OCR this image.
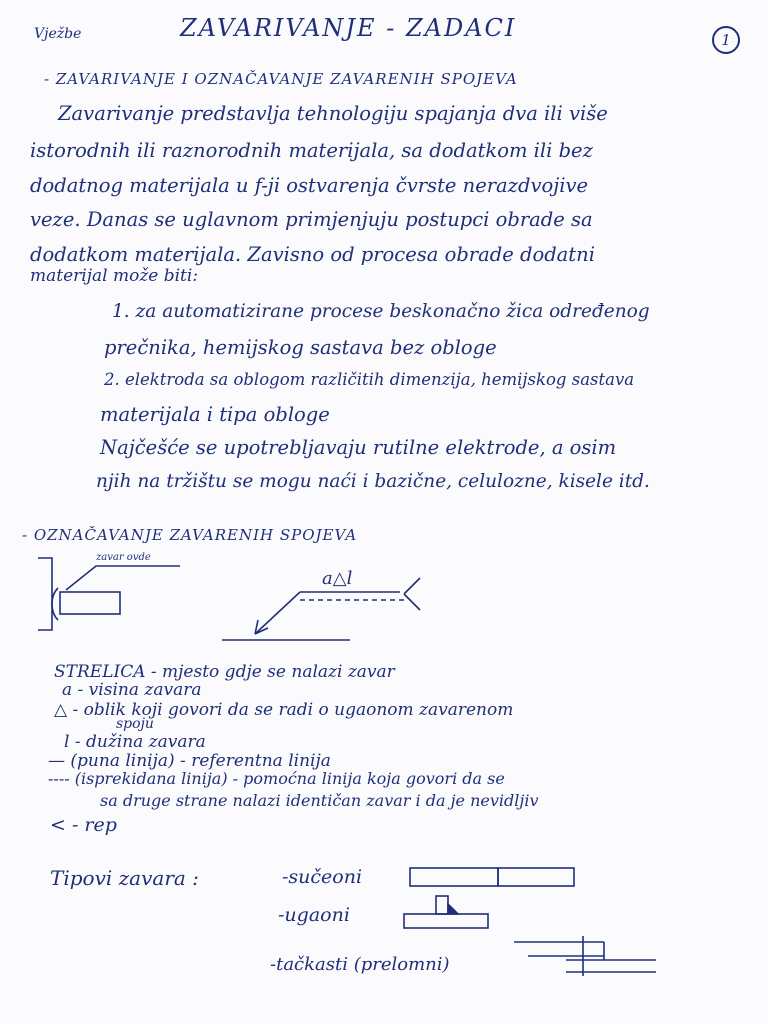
Vježbe	ZAVARIVANJE - ZADACI	1
- ZAVARIVANJE I OZNAČAVANJE ZAVARENIH SPOJEVA
Zavarivanje predstavlja tehnologiju spajanja dva ili više
istorodnih ili raznorodnih materijala, sa dodatkom ili bez
dodatnog materijala u f-ji ostvarenja čvrste nerazdvojive
veze. Danas se uglavnom primjenjuju postupci obrade sa
dodatkom materijala. Zavisno od procesa obrade dodatni
materijal može biti:
1. za automatizirane procese beskonačno žica određenog
prečnika, hemijskog sastava bez obloge
2. elektroda sa oblogom različitih dimenzija, hemijskog sastava
materijala i tipa obloge
Najčešće se upotrebljavaju rutilne elektrode, a osim
njih na tržištu se mogu naći i bazične, celulozne, kisele itd.
- OZNAČAVANJE ZAVARENIH SPOJEVA
zavar ovde
a△l
STRELICA - mjesto gdje se nalazi zavar
a - visina zavara
△ - oblik koji govori da se radi o ugaonom zavarenom
spoju
l - dužina zavara
— (puna linija) - referentna linija
---- (isprekidana linija) - pomoćna linija koja govori da se
sa druge strane nalazi identičan zavar i da je nevidljiv
< - rep
Tipovi zavara :	-sučeoni
-ugaoni
-tačkasti (prelomni)
